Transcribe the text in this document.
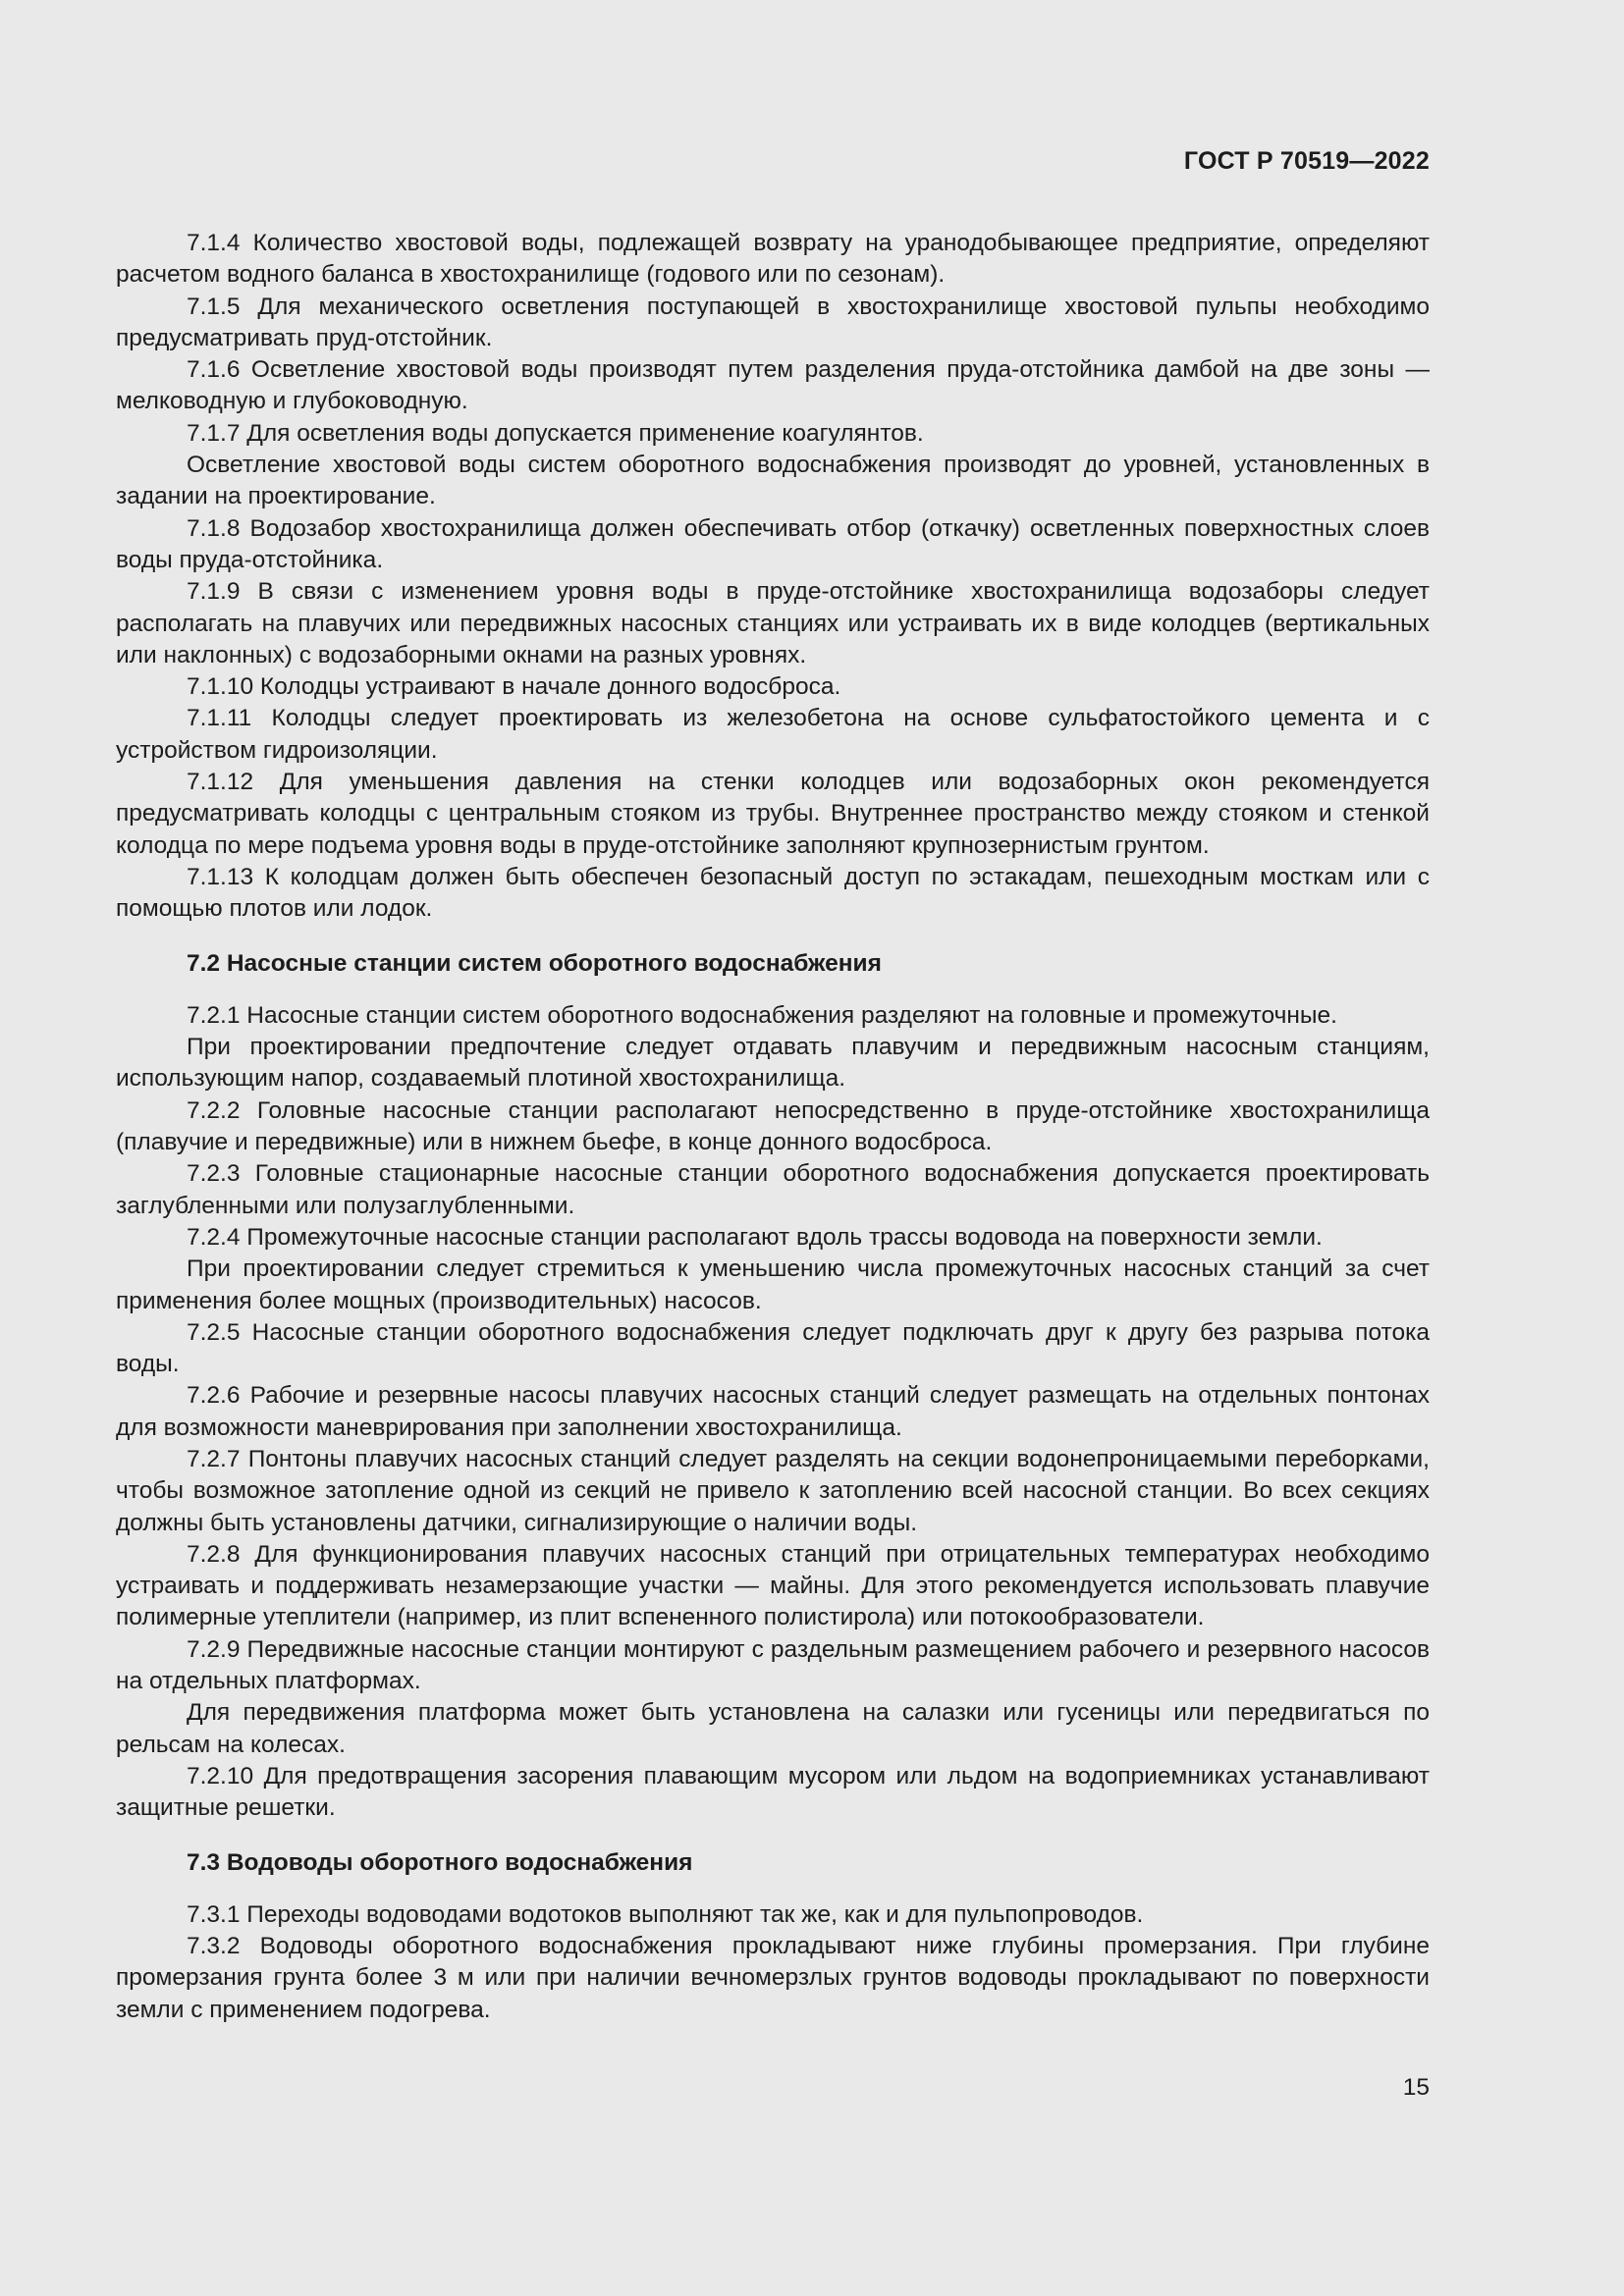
ГОСТ Р 70519—2022

7.1.4 Количество хвостовой воды, подлежащей возврату на уранодобывающее предприятие, определяют расчетом водного баланса в хвостохранилище (годового или по сезонам).

7.1.5 Для механического осветления поступающей в хвостохранилище хвостовой пульпы необходимо предусматривать пруд-отстойник.

7.1.6 Осветление хвостовой воды производят путем разделения пруда-отстойника дамбой на две зоны — мелководную и глубоководную.

7.1.7 Для осветления воды допускается применение коагулянтов.

Осветление хвостовой воды систем оборотного водоснабжения производят до уровней, установленных в задании на проектирование.

7.1.8 Водозабор хвостохранилища должен обеспечивать отбор (откачку) осветленных поверхностных слоев воды пруда-отстойника.

7.1.9 В связи с изменением уровня воды в пруде-отстойнике хвостохранилища водозаборы следует располагать на плавучих или передвижных насосных станциях или устраивать их в виде колодцев (вертикальных или наклонных) с водозаборными окнами на разных уровнях.

7.1.10 Колодцы устраивают в начале донного водосброса.

7.1.11 Колодцы следует проектировать из железобетона на основе сульфатостойкого цемента и с устройством гидроизоляции.

7.1.12 Для уменьшения давления на стенки колодцев или водозаборных окон рекомендуется предусматривать колодцы с центральным стояком из трубы. Внутреннее пространство между стояком и стенкой колодца по мере подъема уровня воды в пруде-отстойнике заполняют крупнозернистым грунтом.

7.1.13 К колодцам должен быть обеспечен безопасный доступ по эстакадам, пешеходным мосткам или с помощью плотов или лодок.

7.2 Насосные станции систем оборотного водоснабжения

7.2.1 Насосные станции систем оборотного водоснабжения разделяют на головные и промежуточные.

При проектировании предпочтение следует отдавать плавучим и передвижным насосным станциям, использующим напор, создаваемый плотиной хвостохранилища.

7.2.2 Головные насосные станции располагают непосредственно в пруде-отстойнике хвостохранилища (плавучие и передвижные) или в нижнем бьефе, в конце донного водосброса.

7.2.3 Головные стационарные насосные станции оборотного водоснабжения допускается проектировать заглубленными или полузаглубленными.

7.2.4 Промежуточные насосные станции располагают вдоль трассы водовода на поверхности земли.

При проектировании следует стремиться к уменьшению числа промежуточных насосных станций за счет применения более мощных (производительных) насосов.

7.2.5 Насосные станции оборотного водоснабжения следует подключать друг к другу без разрыва потока воды.

7.2.6 Рабочие и резервные насосы плавучих насосных станций следует размещать на отдельных понтонах для возможности маневрирования при заполнении хвостохранилища.

7.2.7 Понтоны плавучих насосных станций следует разделять на секции водонепроницаемыми переборками, чтобы возможное затопление одной из секций не привело к затоплению всей насосной станции. Во всех секциях должны быть установлены датчики, сигнализирующие о наличии воды.

7.2.8 Для функционирования плавучих насосных станций при отрицательных температурах необходимо устраивать и поддерживать незамерзающие участки — майны. Для этого рекомендуется использовать плавучие полимерные утеплители (например, из плит вспененного полистирола) или потокообразователи.

7.2.9 Передвижные насосные станции монтируют с раздельным размещением рабочего и резервного насосов на отдельных платформах.

Для передвижения платформа может быть установлена на салазки или гусеницы или передвигаться по рельсам на колесах.

7.2.10 Для предотвращения засорения плавающим мусором или льдом на водоприемниках устанавливают защитные решетки.

7.3 Водоводы оборотного водоснабжения

7.3.1 Переходы водоводами водотоков выполняют так же, как и для пульпопроводов.

7.3.2 Водоводы оборотного водоснабжения прокладывают ниже глубины промерзания. При глубине промерзания грунта более 3 м или при наличии вечномерзлых грунтов водоводы прокладывают по поверхности земли с применением подогрева.

15
